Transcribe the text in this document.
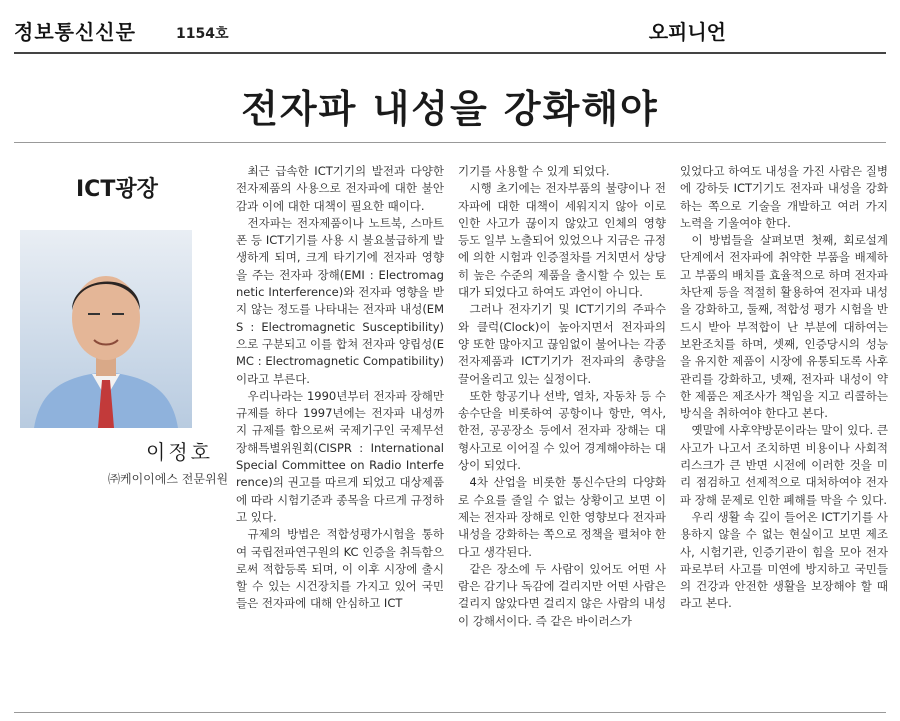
정보통신신문	1154호	오피니언
전자파 내성을 강화해야
ICT광장
이정호
㈜케이이에스 전문위원

최근 급속한 ICT기기의 발전과 다양한 전자제품의 사용으로 전자파에 대한 불안감과 이에 대한 대책이 필요한 때이다.

전자파는 전자제품이나 노트북, 스마트폰 등 ICT기기를 사용 시 불요불급하게 발생하게 되며, 크게 타기기에 전자파 영향을 주는 전자파 장해(EMI : Electromagnetic Interference)와 전자파 영향을 받지 않는 정도를 나타내는 전자파 내성(EMS : Electromagnetic Susceptibility)으로 구분되고 이를 합쳐 전자파 양립성(EMC : Electromagnetic Compatibility) 이라고 부른다.

우리나라는 1990년부터 전자파 장해만 규제를 하다 1997년에는 전자파 내성까지 규제를 함으로써 국제기구인 국제무선장해특별위원회(CISPR : International Special Committee on Radio Interference)의 권고를 따르게 되었고 대상제품에 따라 시험기준과 종목을 다르게 규정하고 있다.

규제의 방법은 적합성평가시험을 통하여 국립전파연구원의 KC 인증을 취득함으로써 적합등록 되며, 이 이후 시장에 출시할 수 있는 시건장치를 가지고 있어 국민들은 전자파에 대해 안심하고 ICT

기기를 사용할 수 있게 되었다.

시행 초기에는 전자부품의 불량이나 전자파에 대한 대책이 세워지지 않아 이로 인한 사고가 끊이지 않았고 인체의 영향 등도 일부 노출되어 있었으나 지금은 규정에 의한 시험과 인증절차를 거치면서 상당히 높은 수준의 제품을 출시할 수 있는 토대가 되었다고 하여도 과언이 아니다.

그러나 전자기기 및 ICT기기의 주파수와 클럭(Clock)이 높아지면서 전자파의 양 또한 많아지고 끊임없이 불어나는 각종 전자제품과 ICT기기가 전자파의 총량을 끌어올리고 있는 실정이다.

또한 항공기나 선박, 열차, 자동차 등 수송수단을 비롯하여 공항이나 항만, 역사, 한전, 공공장소 등에서 전자파 장해는 대형사고로 이어질 수 있어 경계해야하는 대상이 되었다.

4차 산업을 비롯한 통신수단의 다양화로 수요를 줄일 수 없는 상황이고 보면 이제는 전자파 장해로 인한 영향보다 전자파 내성을 강화하는 쪽으로 정책을 펼쳐야 한다고 생각된다.

같은 장소에 두 사람이 있어도 어떤 사람은 감기나 독감에 걸리지만 어떤 사람은 걸리지 않았다면 걸리지 않은 사람의 내성이 강해서이다. 즉 같은 바이러스가

있었다고 하여도 내성을 가진 사람은 질병에 강하듯 ICT기기도 전자파 내성을 강화하는 쪽으로 기술을 개발하고 여러 가지 노력을 기울여야 한다.

이 방법들을 살펴보면 첫째, 회로설계 단계에서 전자파에 취약한 부품을 배제하고 부품의 배치를 효율적으로 하며 전자파 차단제 등을 적절히 활용하여 전자파 내성을 강화하고, 둘째, 적합성 평가 시험을 반드시 받아 부적합이 난 부분에 대하여는 보완조치를 하며, 셋째, 인증당시의 성능을 유지한 제품이 시장에 유통되도록 사후관리를 강화하고, 넷째, 전자파 내성이 약한 제품은 제조사가 책임을 지고 리콜하는 방식을 취하여야 한다고 본다.

옛말에 사후약방문이라는 말이 있다. 큰 사고가 나고서 조치하면 비용이나 사회적 리스크가 큰 반면 시전에 이러한 것을 미리 점검하고 선제적으로 대처하여야 전자파 장해 문제로 인한 폐해를 막을 수 있다.

우리 생활 속 깊이 들어온 ICT기기를 사용하지 않을 수 없는 현실이고 보면 제조사, 시험기관, 인증기관이 힘을 모아 전자파로부터 사고를 미연에 방지하고 국민들의 건강과 안전한 생활을 보장해야 할 때라고 본다.
